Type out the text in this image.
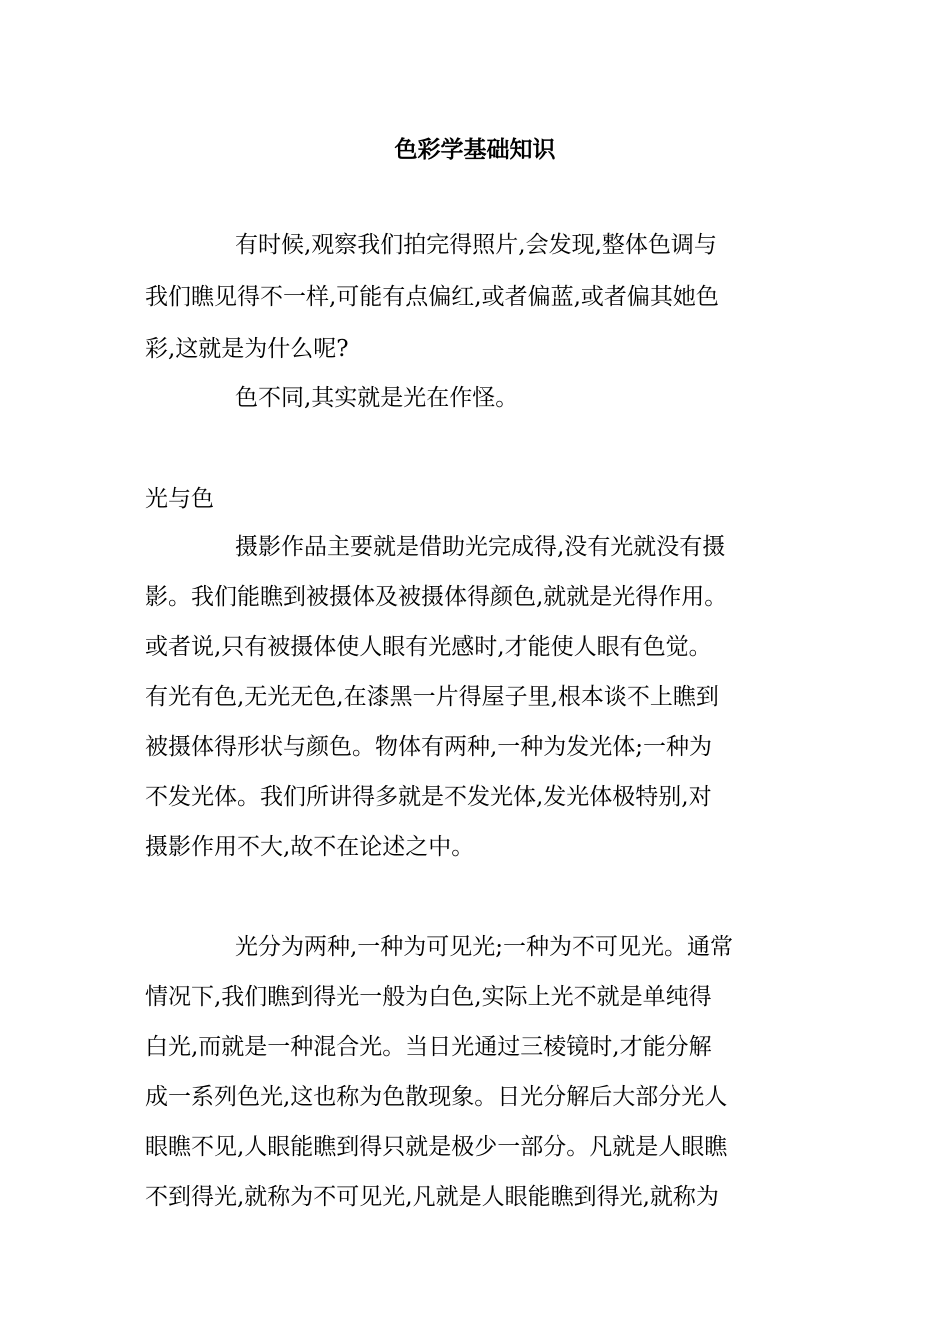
色彩学基础知识
有时候,观察我们拍完得照片,会发现,整体色调与
我们瞧见得不一样,可能有点偏红,或者偏蓝,或者偏其她色
彩,这就是为什么呢?
色不同,其实就是光在作怪。
光与色
摄影作品主要就是借助光完成得,没有光就没有摄
影。我们能瞧到被摄体及被摄体得颜色,就就是光得作用。
或者说,只有被摄体使人眼有光感时,才能使人眼有色觉。
有光有色,无光无色,在漆黑一片得屋子里,根本谈不上瞧到
被摄体得形状与颜色。物体有两种,一种为发光体;一种为
不发光体。我们所讲得多就是不发光体,发光体极特别,对
摄影作用不大,故不在论述之中。
光分为两种,一种为可见光;一种为不可见光。通常
情况下,我们瞧到得光一般为白色,实际上光不就是单纯得
白光,而就是一种混合光。当日光通过三棱镜时,才能分解
成一系列色光,这也称为色散现象。日光分解后大部分光人
眼瞧不见,人眼能瞧到得只就是极少一部分。凡就是人眼瞧
不到得光,就称为不可见光,凡就是人眼能瞧到得光,就称为
